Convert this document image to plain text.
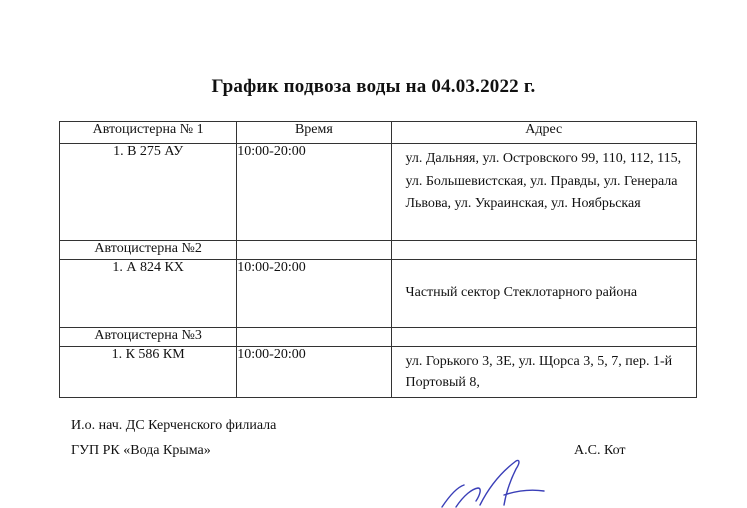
График подвоза воды на 04.03.2022 г.
Автоцистерна № 1	Время	Адрес
1. В 275 АУ	10:00-20:00	ул. Дальняя, ул. Островского 99, 110, 112, 115, ул. Большевистская, ул. Правды, ул. Генерала Львова, ул. Украинская, ул. Ноябрьская
Автоцистерна №2		
1. А 824 КХ	10:00-20:00	Частный сектор Стеклотарного района
Автоцистерна №3		
1. К 586 КМ	10:00-20:00	ул. Горького 3, ЗЕ, ул. Щорса 3, 5, 7, пер. 1-й Портовый 8,
И.о. нач. ДС Керченского филиала
ГУП РК «Вода Крыма»	А.С. Кот
